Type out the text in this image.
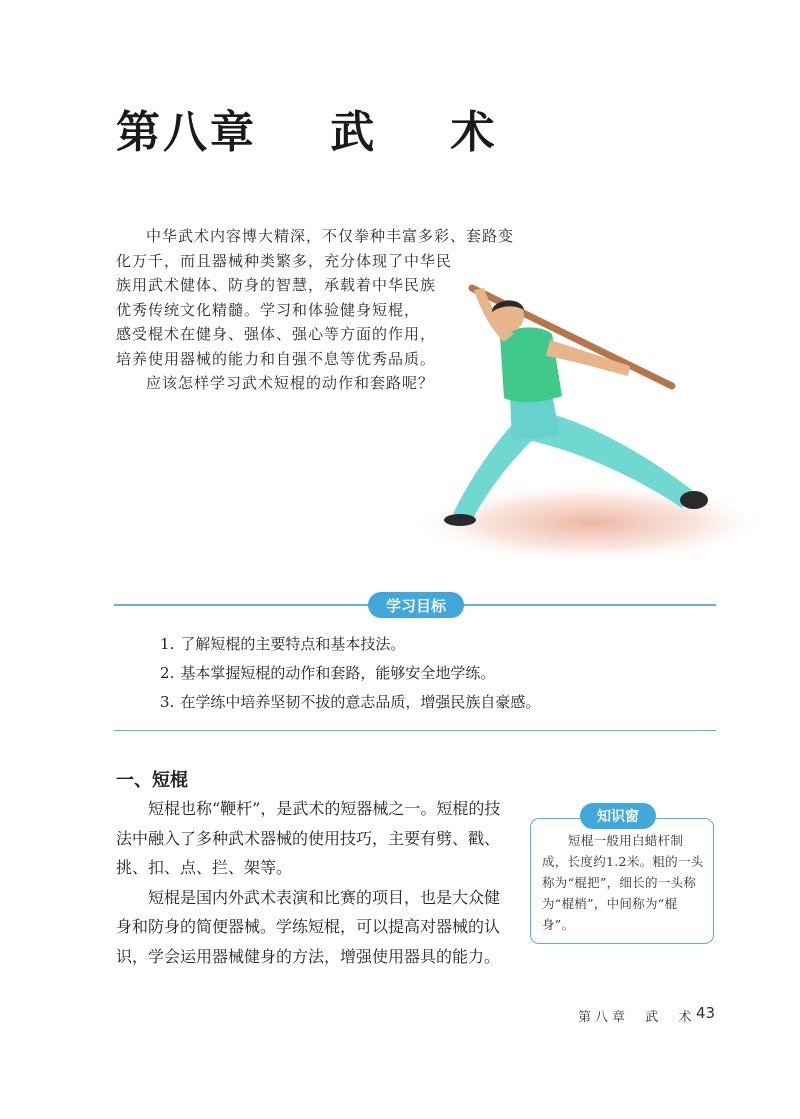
第八章    武    术

中华武术内容博大精深，不仅拳种丰富多彩、套路变

化万千，而且器械种类繁多，充分体现了中华民

族用武术健体、防身的智慧，承载着中华民族

优秀传统文化精髓。学习和体验健身短棍，

感受棍术在健身、强体、强心等方面的作用，

培养使用器械的能力和自强不息等优秀品质。

应该怎样学习武术短棍的动作和套路呢？

学习目标
1. 了解短棍的主要特点和基本技法。
2. 基本掌握短棍的动作和套路，能够安全地学练。
3. 在学练中培养坚韧不拔的意志品质，增强民族自豪感。
一、短棍

短棍也称“鞭杆”，是武术的短器械之一。短棍的技法中融入了多种武术器械的使用技巧，主要有劈、戳、挑、扣、点、拦、架等。

短棍是国内外武术表演和比赛的项目，也是大众健身和防身的简便器械。学练短棍，可以提高对器械的认识，学会运用器械健身的方法，增强使用器具的能力。

知识窗

短棍一般用白蜡杆制成，长度约1.2米。粗的一头称为“棍把”，细长的一头称为“棍梢”，中间称为“棍身”。

第八章  武  术 43
